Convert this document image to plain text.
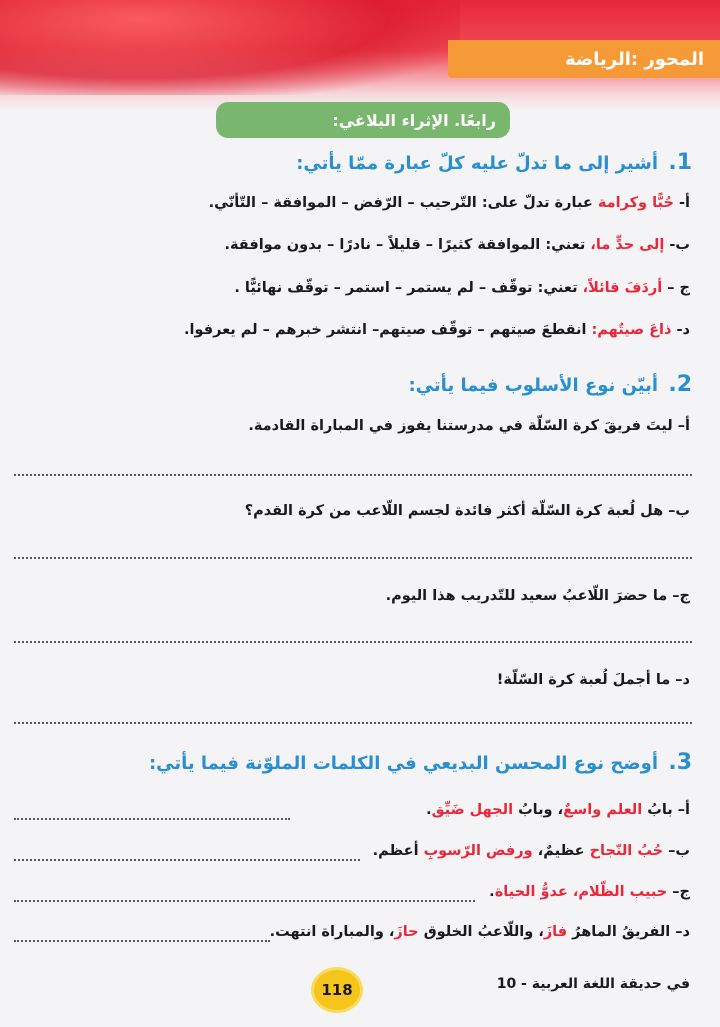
المحور :الرياضة
رابعًا. الإثراء البلاغي:
1. أشير إلى ما تدلّ عليه كلّ عبارة ممّا يأتي:
أ- حُبًّا وكرامة عبارة تدلّ على: التّرحيب – الرّفض – الموافقة – التّأنّي.
ب- إلى حدٍّ ما، تعني: الموافقة كثيرًا – قليلاً – نادرًا – بدون موافقة.
ج – أردَفَ قائلاً، تعني: توقّف – لم يستمر – استمر – توقّف نهائيًّا .
د- ذاعَ صيتُهم: انقطعَ صيتهم – توقّف صيتهم– انتشر خبرهم – لم يعرفوا.
2. أبيّن نوع الأسلوب فيما يأتي:
أ– ليتَ فريقَ كرة السّلّة في مدرستنا يفوز في المباراة القادمة.
ب– هل لُعبة كرة السّلّة أكثر فائدة لجسم اللّاعب من كرة القدم؟
ج– ما حضرَ اللّاعبُ سعيد للتّدريب هذا اليوم.
د– ما أجملَ لُعبة كرة السّلّة!
3. أوضح نوع المحسن البديعي في الكلمات الملوّنة فيما يأتي:
أ– بابُ العلم واسعٌ، وبابُ الجهل ضَيِّق.
ب– حُبُ النّجاح عظيمٌ، ورفض الرّسوبِ أعظم.
ج– حبيب الظّلام، عدوُّ الحياة.
د– الفريقُ الماهرُ فازَ، واللّاعبُ الخلوق حازَ، والمباراة انتهت.
في حديقة اللغة العربية - 10
118
